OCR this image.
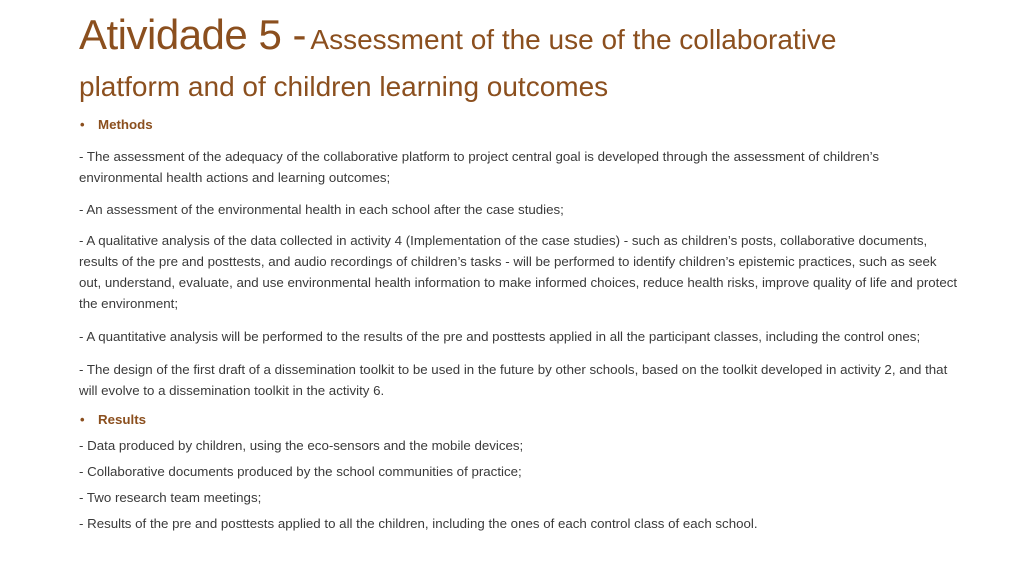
Atividade 5 - Assessment of the use of the collaborative
platform and of children learning outcomes
• Methods

- The assessment of the adequacy of the collaborative platform to project central goal is developed through the assessment of children’s environmental health actions and learning outcomes;

- An assessment of the environmental health in each school after the case studies;

- A qualitative analysis of the data collected in activity 4 (Implementation of the case studies) - such as children’s posts, collaborative documents, results of the pre and posttests, and audio recordings of children’s tasks - will be performed to identify children’s epistemic practices, such as seek out, understand, evaluate, and use environmental health information to make informed choices, reduce health risks, improve quality of life and protect the environment;

- A quantitative analysis will be performed to the results of the pre and posttests applied in all the participant classes, including the control ones;

- The design of the first draft of a dissemination toolkit to be used in the future by other schools, based on the toolkit developed in activity 2, and that will evolve to a dissemination toolkit in the activity 6.

• Results

- Data produced by children, using the eco-sensors and the mobile devices;

- Collaborative documents produced by the school communities of practice;

- Two research team meetings;

- Results of the pre and posttests applied to all the children, including the ones of each control class of each school.
